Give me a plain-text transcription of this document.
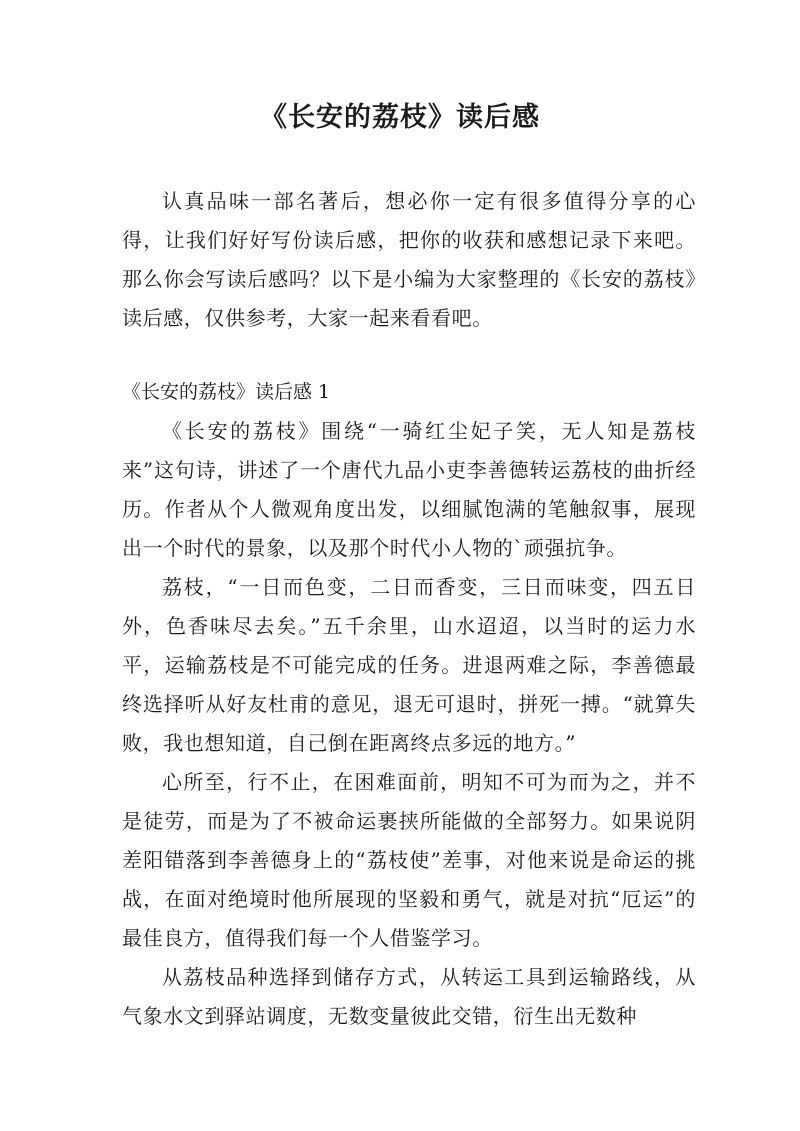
《长安的荔枝》读后感

认真品味一部名著后，想必你一定有很多值得分享的心得，让我们好好写份读后感，把你的收获和感想记录下来吧。那么你会写读后感吗？以下是小编为大家整理的《长安的荔枝》读后感，仅供参考，大家一起来看看吧。

《长安的荔枝》读后感 1

《长安的荔枝》围绕“一骑红尘妃子笑，无人知是荔枝来”这句诗，讲述了一个唐代九品小吏李善德转运荔枝的曲折经历。作者从个人微观角度出发，以细腻饱满的笔触叙事，展现出一个时代的景象，以及那个时代小人物的`顽强抗争。

荔枝，“一日而色变，二日而香变，三日而味变，四五日外，色香味尽去矣。”五千余里，山水迢迢，以当时的运力水平，运输荔枝是不可能完成的任务。进退两难之际，李善德最终选择听从好友杜甫的意见，退无可退时，拼死一搏。“就算失败，我也想知道，自己倒在距离终点多远的地方。”

心所至，行不止，在困难面前，明知不可为而为之，并不是徒劳，而是为了不被命运裹挟所能做的全部努力。如果说阴差阳错落到李善德身上的“荔枝使”差事，对他来说是命运的挑战，在面对绝境时他所展现的坚毅和勇气，就是对抗“厄运”的最佳良方，值得我们每一个人借鉴学习。

从荔枝品种选择到储存方式，从转运工具到运输路线，从气象水文到驿站调度，无数变量彼此交错，衍生出无数种
